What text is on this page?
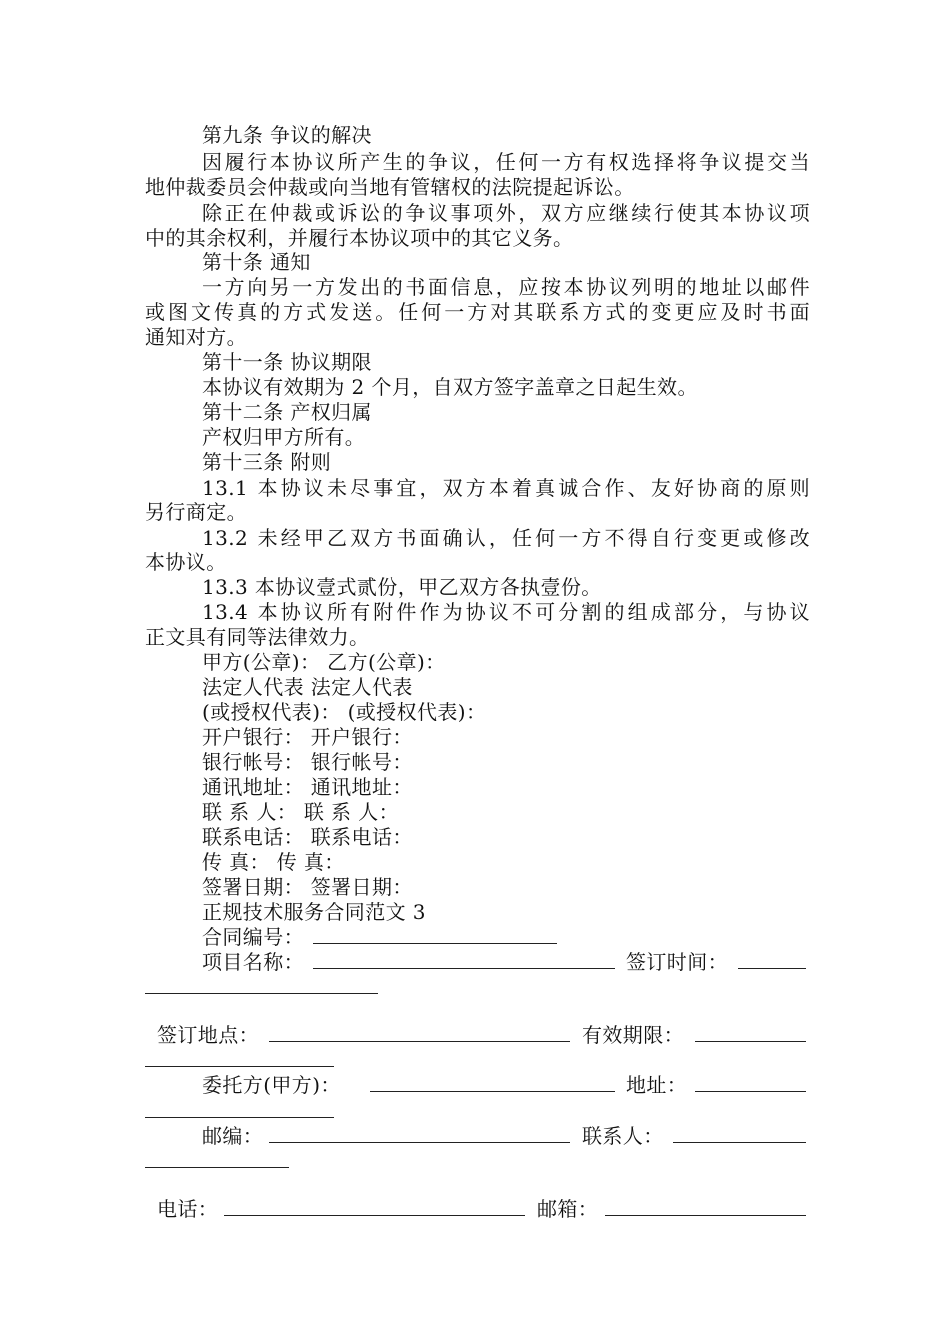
第九条 争议的解决
因履行本协议所产生的争议，任何一方有权选择将争议提交当
地仲裁委员会仲裁或向当地有管辖权的法院提起诉讼。
除正在仲裁或诉讼的争议事项外，双方应继续行使其本协议项
中的其余权利，并履行本协议项中的其它义务。
第十条 通知
一方向另一方发出的书面信息，应按本协议列明的地址以邮件
或图文传真的方式发送。任何一方对其联系方式的变更应及时书面
通知对方。
第十一条 协议期限
本协议有效期为 2 个月，自双方签字盖章之日起生效。
第十二条 产权归属
产权归甲方所有。
第十三条 附则
13.1 本协议未尽事宜，双方本着真诚合作、友好协商的原则
另行商定。
13.2 未经甲乙双方书面确认，任何一方不得自行变更或修改
本协议。
13.3 本协议壹式贰份，甲乙双方各执壹份。
13.4 本协议所有附件作为协议不可分割的组成部分，与协议
正文具有同等法律效力。
甲方(公章)： 乙方(公章)：
法定人代表 法定人代表
(或授权代表)： (或授权代表)：
开户银行： 开户银行：
银行帐号： 银行帐号：
通讯地址： 通讯地址：
联 系 人： 联 系 人：
联系电话： 联系电话：
传 真： 传 真：
签署日期： 签署日期：
正规技术服务合同范文 3
合同编号：
项目名称：	签订时间：
签订地点：	有效期限：
委托方(甲方)：	地址：
邮编：	联系人：
电话：	邮箱：
